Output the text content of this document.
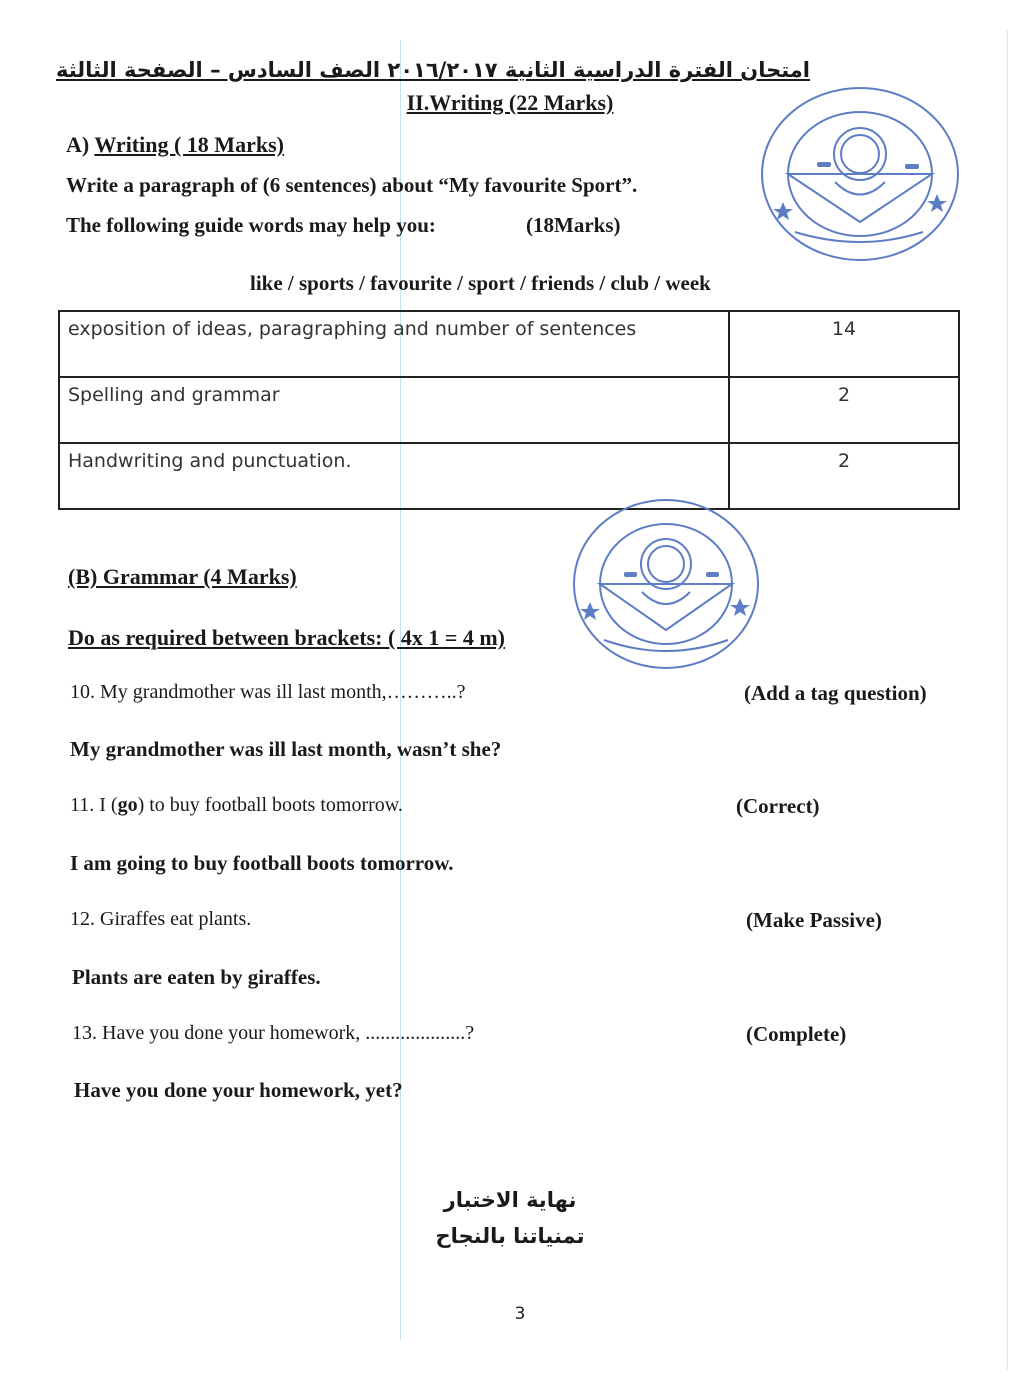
امتحان الفترة الدراسية الثانية ٢٠١٦/٢٠١٧ الصف السادس – الصفحة الثالثة
II.Writing (22 Marks)
A) Writing ( 18 Marks)
Write a paragraph of (6 sentences) about “My favourite Sport”.
The following guide words may help you:	(18Marks)
like / sports / favourite / sport / friends / club / week
exposition of ideas, paragraphing and number of sentences	14
Spelling and grammar	2
Handwriting and punctuation.	2
(B) Grammar (4 Marks)
Do as required between brackets: ( 4x 1 = 4 m)
10. My grandmother was ill last month,………..?	(Add a tag question)
My grandmother was ill last month, wasn’t she?
11. I (go) to buy football boots tomorrow.	(Correct)
I am going to buy football boots tomorrow.
12. Giraffes eat plants.	(Make Passive)
Plants are eaten by giraffes.
13. Have you done your homework, ....................?	(Complete)
Have you done your homework, yet?
نهاية الاختبار
تمنياتنا بالنجاح
3
